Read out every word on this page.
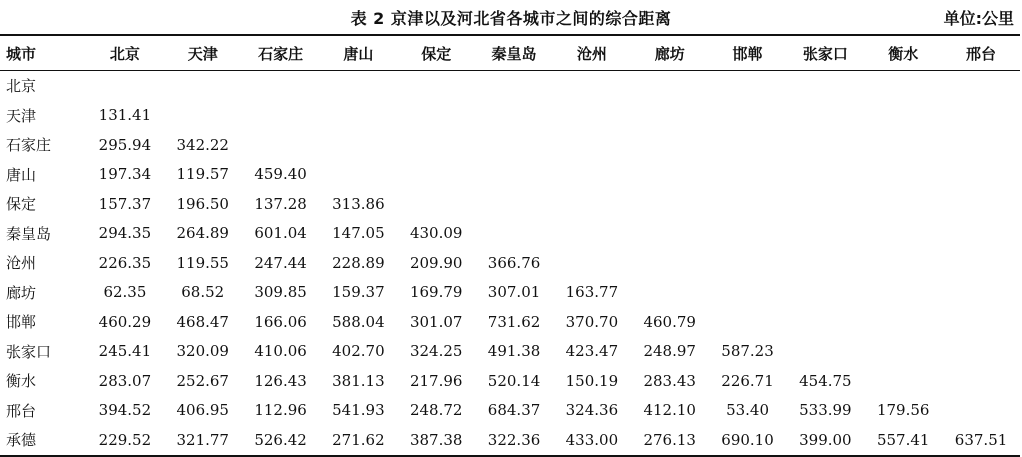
表 2 京津以及河北省各城市之间的综合距离	单位:公里
城市	北京	天津	石家庄	唐山	保定	秦皇岛	沧州	廊坊	邯郸	张家口	衡水	邢台
北京												
天津	131.41											
石家庄	295.94	342.22										
唐山	197.34	119.57	459.40									
保定	157.37	196.50	137.28	313.86								
秦皇岛	294.35	264.89	601.04	147.05	430.09							
沧州	226.35	119.55	247.44	228.89	209.90	366.76						
廊坊	62.35	68.52	309.85	159.37	169.79	307.01	163.77					
邯郸	460.29	468.47	166.06	588.04	301.07	731.62	370.70	460.79				
张家口	245.41	320.09	410.06	402.70	324.25	491.38	423.47	248.97	587.23			
衡水	283.07	252.67	126.43	381.13	217.96	520.14	150.19	283.43	226.71	454.75		
邢台	394.52	406.95	112.96	541.93	248.72	684.37	324.36	412.10	53.40	533.99	179.56	
承德	229.52	321.77	526.42	271.62	387.38	322.36	433.00	276.13	690.10	399.00	557.41	637.51
